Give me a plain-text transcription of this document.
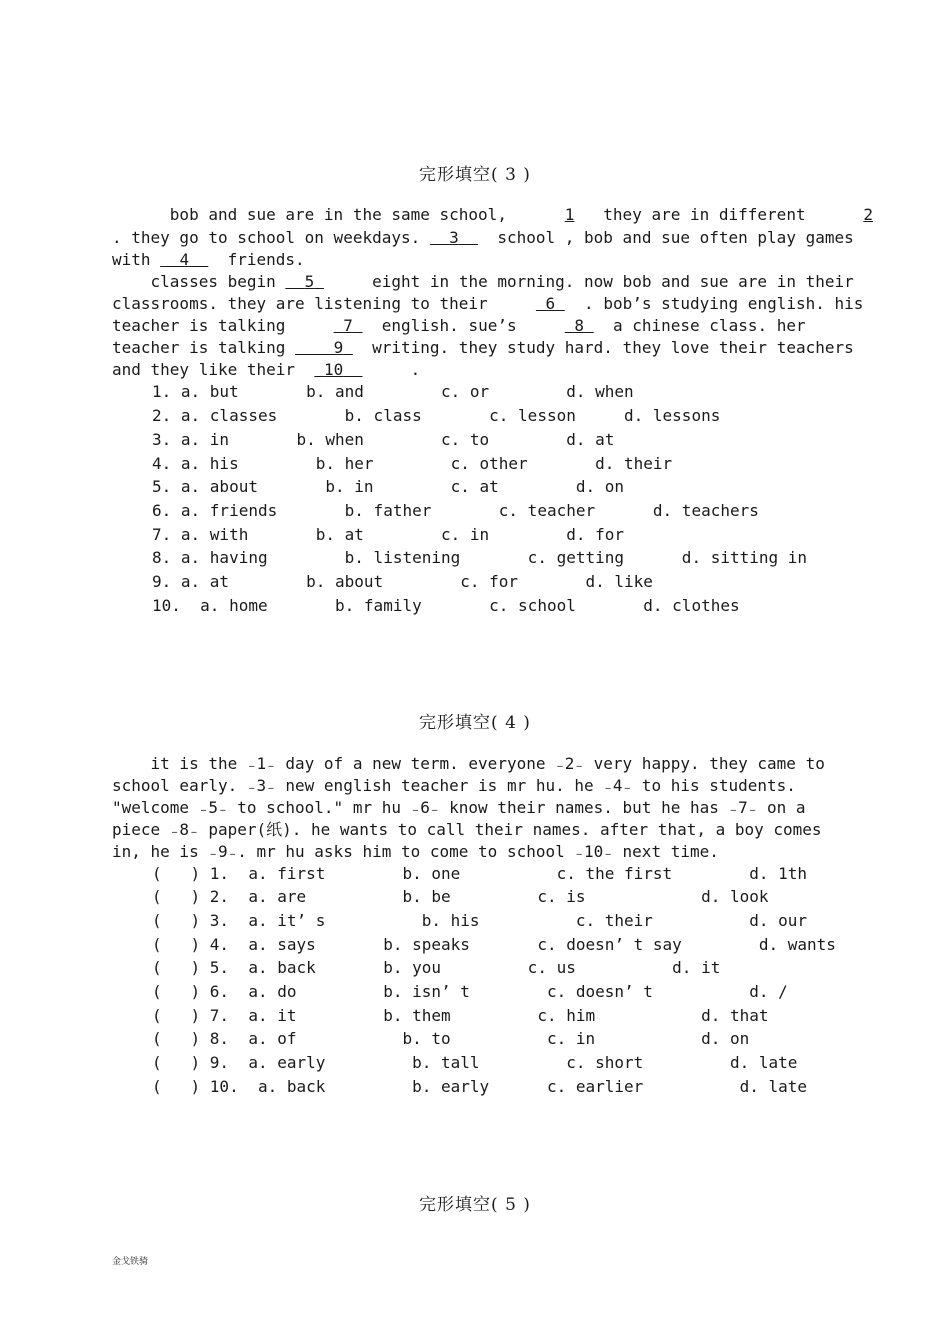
完形填空( 3 )
bob and sue are in the same school,	1   they are in different	2
. they go to school on weekdays. 3 school , bob and sue often play games
with 4    friends.
classes begin 5      eight in the morning. now bob and sue are in their
classrooms. they are listening to their	6   . bob’s studying english. his
teacher is talking	7   english. sue’s	8   a chinese class. her
teacher is talking	9   writing. they study hard. they love their teachers
and they like their 10       .
1. a. but       b. and        c. or        d. when
2. a. classes       b. class       c. lesson     d. lessons
3. a. in       b. when        c. to        d. at
4. a. his        b. her        c. other       d. their
5. a. about       b. in        c. at        d. on
6. a. friends       b. father       c. teacher      d. teachers
7. a. with       b. at        c. in        d. for
8. a. having        b. listening       c. getting      d. sitting in
9. a. at        b. about        c. for       d. like
10.  a. home       b. family       c. school       d. clothes
完形填空( 4 )
it is the ₋1₋ day of a new term. everyone ₋2₋ very happy. they came to
school early. ₋3₋ new english teacher is mr hu. he ₋4₋ to his students.
"welcome ₋5₋ to school." mr hu ₋6₋ know their names. but he has ₋7₋ on a
piece ₋8₋ paper(纸). he wants to call their names. after that, a boy comes
in, he is ₋9₋. mr hu asks him to come to school ₋10₋ next time.
(   ) 1.  a. first        b. one          c. the first        d. 1th
(   ) 2.  a. are          b. be         c. is            d. look
(   ) 3.  a. it’ s          b. his          c. their          d. our
(   ) 4.  a. says       b. speaks       c. doesn’ t say        d. wants
(   ) 5.  a. back       b. you         c. us          d. it
(   ) 6.  a. do         b. isn’ t        c. doesn’ t          d. /
(   ) 7.  a. it         b. them         c. him           d. that
(   ) 8.  a. of           b. to          c. in           d. on
(   ) 9.  a. early         b. tall         c. short         d. late
(   ) 10.  a. back         b. early      c. earlier          d. late
完形填空( 5 )
金戈铁骑
